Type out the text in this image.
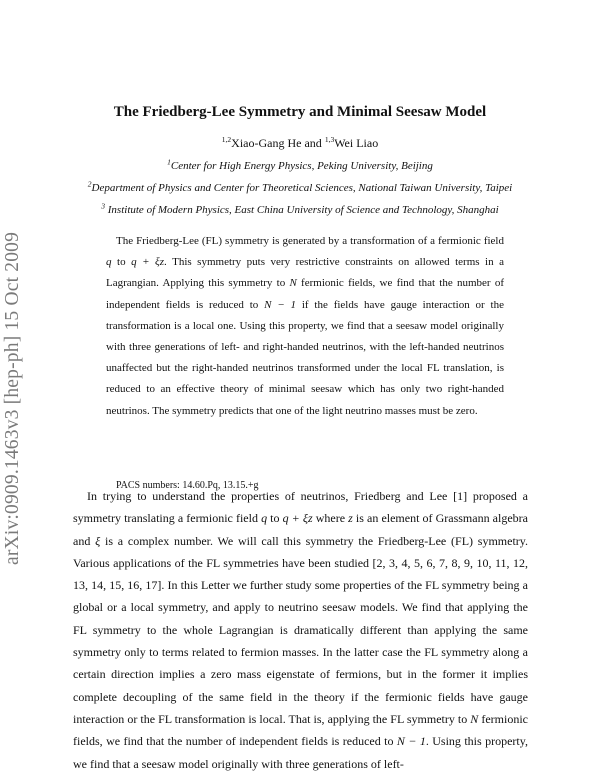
arXiv:0909.1463v3 [hep-ph] 15 Oct 2009
The Friedberg-Lee Symmetry and Minimal Seesaw Model
$^{1,2}$Xiao-Gang He and $^{1,3}$Wei Liao
$^1$Center for High Energy Physics, Peking University, Beijing
$^2$Department of Physics and Center for Theoretical Sciences, National Taiwan University, Taipei
$^3$ Institute of Modern Physics, East China University of Science and Technology, Shanghai

The Friedberg-Lee (FL) symmetry is generated by a transformation of a fermionic field q to q + ξz. This symmetry puts very restrictive constraints on allowed terms in a Lagrangian. Applying this symmetry to N fermionic fields, we find that the number of independent fields is reduced to N − 1 if the fields have gauge interaction or the transformation is a local one. Using this property, we find that a seesaw model originally with three generations of left- and right-handed neutrinos, with the left-handed neutrinos unaffected but the right-handed neutrinos transformed under the local FL translation, is reduced to an effective theory of minimal seesaw which has only two right-handed neutrinos. The symmetry predicts that one of the light neutrino masses must be zero.

PACS numbers: 14.60.Pq, 13.15.+g

In trying to understand the properties of neutrinos, Friedberg and Lee [1] proposed a symmetry translating a fermionic field q to q + ξz where z is an element of Grassmann algebra and ξ is a complex number. We will call this symmetry the Friedberg-Lee (FL) symmetry. Various applications of the FL symmetries have been studied [2, 3, 4, 5, 6, 7, 8, 9, 10, 11, 12, 13, 14, 15, 16, 17]. In this Letter we further study some properties of the FL symmetry being a global or a local symmetry, and apply to neutrino seesaw models. We find that applying the FL symmetry to the whole Lagrangian is dramatically different than applying the same symmetry only to terms related to fermion masses. In the latter case the FL symmetry along a certain direction implies a zero mass eigenstate of fermions, but in the former it implies complete decoupling of the same field in the theory if the fermionic fields have gauge interaction or the FL transformation is local. That is, applying the FL symmetry to N fermionic fields, we find that the number of independent fields is reduced to N − 1. Using this property, we find that a seesaw model originally with three generations of left-
